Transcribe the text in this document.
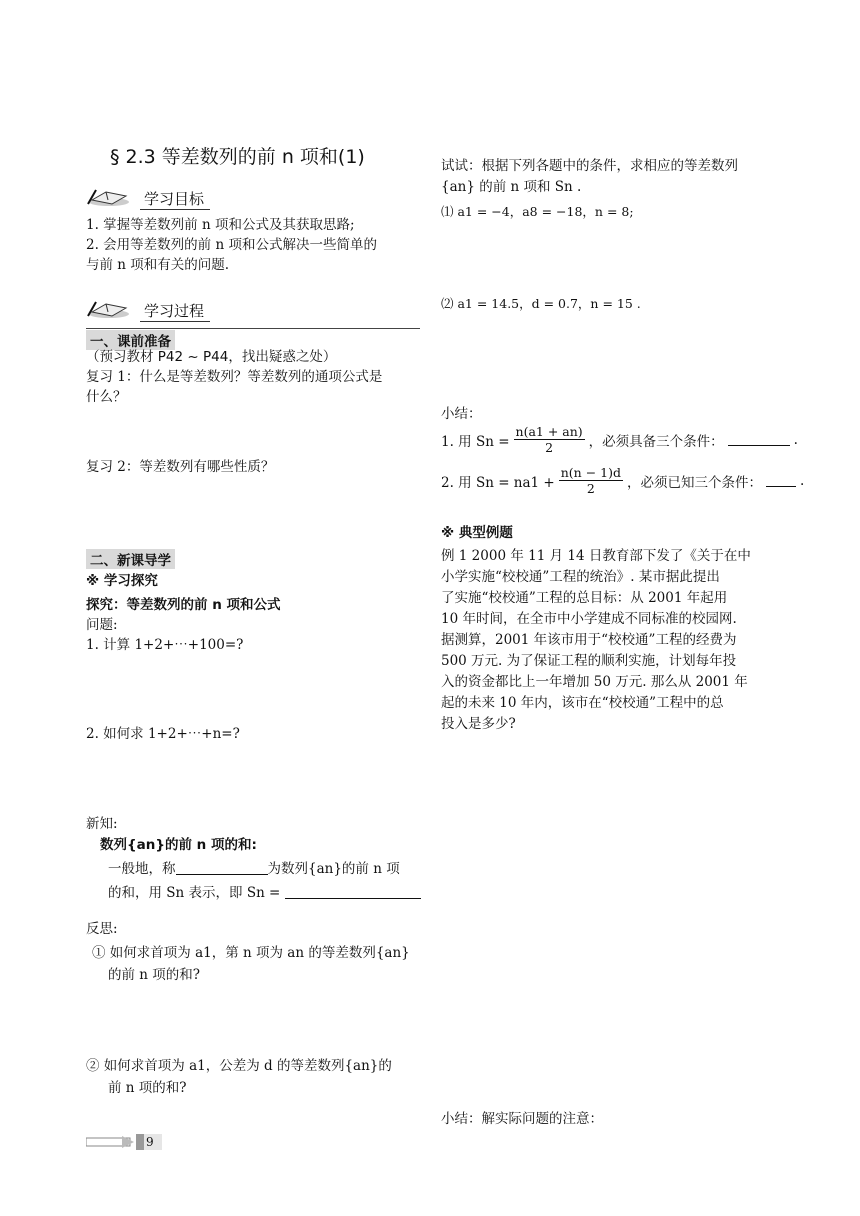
§ 2.3 等差数列的前 n 项和(1)
学习目标
1. 掌握等差数列前 n 项和公式及其获取思路;
2. 会用等差数列的前 n 项和公式解决一些简单的
与前 n 项和有关的问题.
学习过程
一、课前准备
（预习教材 P42 ~ P44，找出疑惑之处）
复习 1：什么是等差数列？等差数列的通项公式是
什么？
复习 2：等差数列有哪些性质？
二、新课导学
※ 学习探究
探究：等差数列的前 n 项和公式
问题:
1. 计算 1+2+⋯+100=?
2. 如何求 1+2+⋯+n=?
新知:
数列{an}的前 n 项的和:
一般地，称	为数列{an}的前 n 项
的和，用 Sn 表示，即 Sn =
反思:
① 如何求首项为 a1，第 n 项为 an 的等差数列{an}
的前 n 项的和?
② 如何求首项为 a1，公差为 d 的等差数列{an}的
前 n 项的和?
试试：根据下列各题中的条件，求相应的等差数列
{an} 的前 n 项和 Sn .
⑴ a1 = −4，a8 = −18，n = 8;
⑵ a1 = 14.5，d = 0.7，n = 15 .
小结：
1. 用 $Sn = \frac{n(a1 + an)}{2}$ ，必须具备三个条件：	.
2. 用 $Sn = na1 + \frac{n(n - 1)d}{2}$ ，必须已知三个条件：	.
※ 典型例题
例 1 2000 年 11 月 14 日教育部下发了《关于在中
小学实施“校校通”工程的统治》. 某市据此提出
了实施“校校通”工程的总目标：从 2001 年起用
10 年时间，在全市中小学建成不同标准的校园网.
据测算，2001 年该市用于“校校通”工程的经费为
500 万元. 为了保证工程的顺利实施，计划每年投
入的资金都比上一年增加 50 万元. 那么从 2001 年
起的未来 10 年内，该市在“校校通”工程中的总
投入是多少?
小结：解实际问题的注意：
9
